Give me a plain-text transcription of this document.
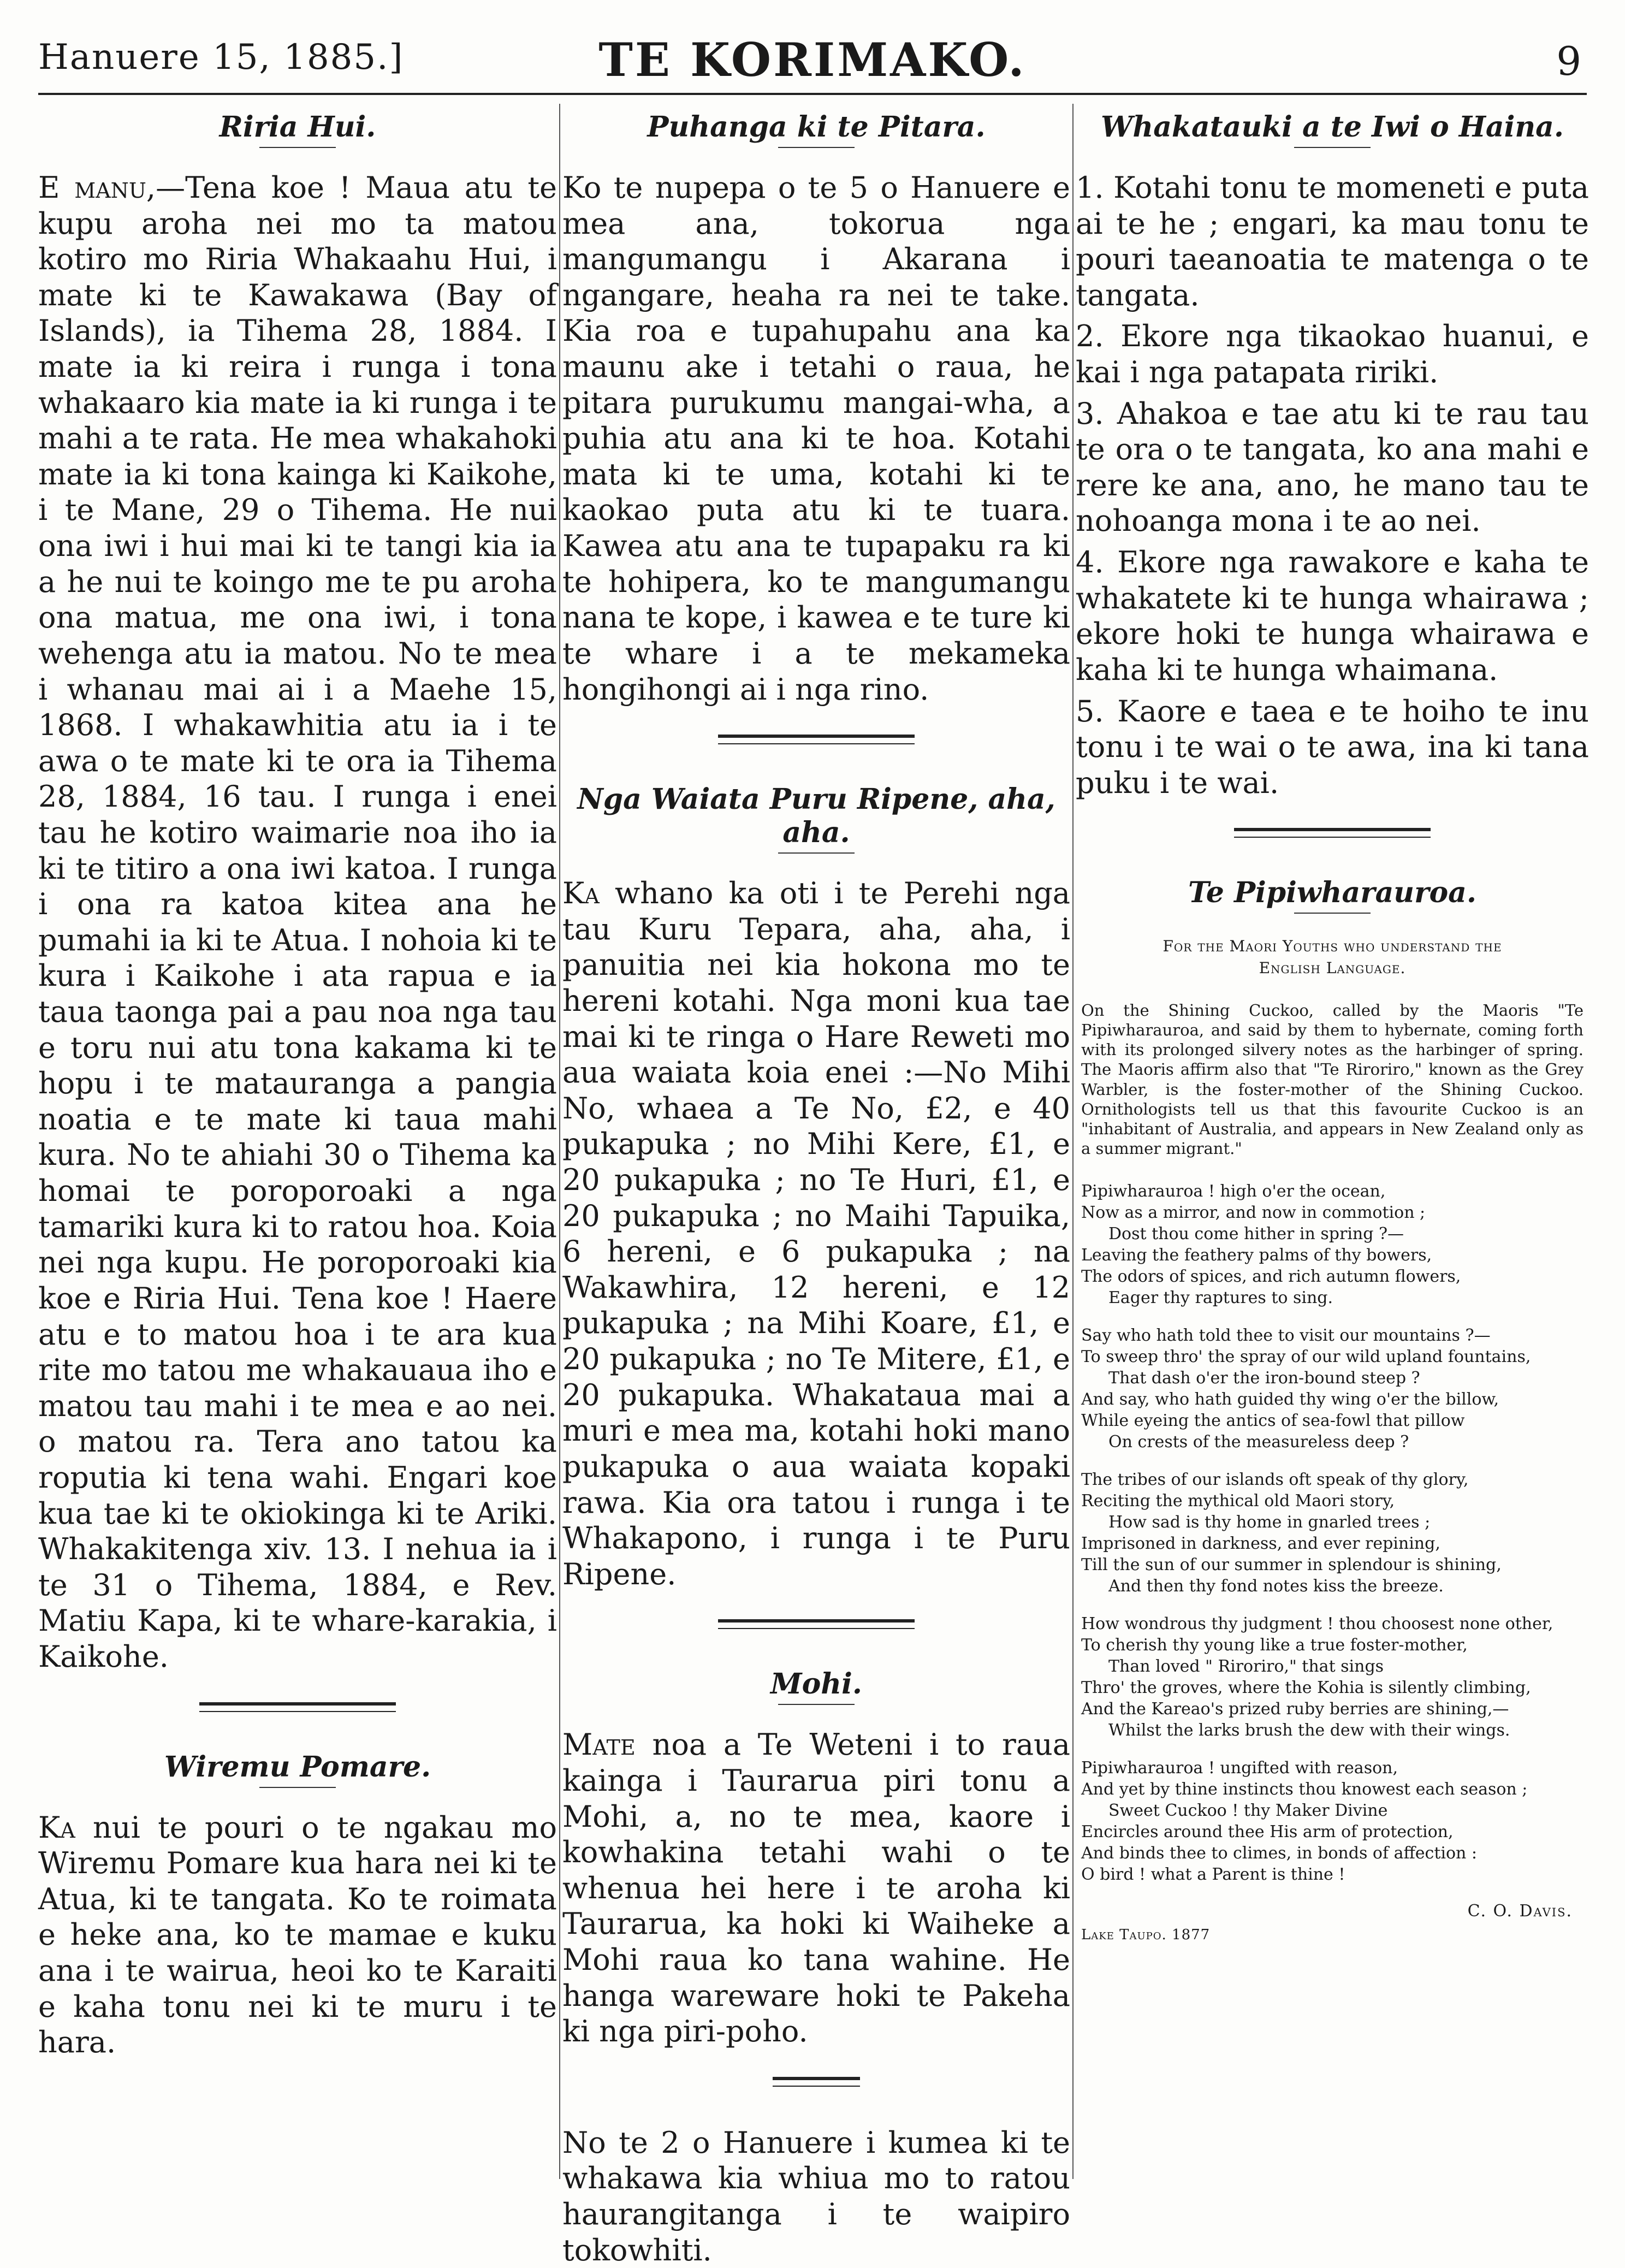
Hanuere 15, 1885.]	TE KORIMAKO.	9
Riria Hui.

E manu,—Tena koe ! Maua atu te kupu aroha nei mo ta matou kotiro mo Riria Whakaahu Hui, i mate ki te Kawakawa (Bay of Islands), ia Tihema 28, 1884. I mate ia ki reira i runga i tona whakaaro kia mate ia ki runga i te mahi a te rata. He mea whakahoki mate ia ki tona kainga ki Kaikohe, i te Mane, 29 o Tihema. He nui ona iwi i hui mai ki te tangi kia ia a he nui te koingo me te pu aroha ona matua, me ona iwi, i tona wehenga atu ia matou. No te mea i whanau mai ai i a Maehe 15, 1868. I whakawhitia atu ia i te awa o te mate ki te ora ia Tihema 28, 1884, 16 tau. I runga i enei tau he kotiro waimarie noa iho ia ki te titiro a ona iwi katoa. I runga i ona ra katoa kitea ana he pumahi ia ki te Atua. I nohoia ki te kura i Kaikohe i ata rapua e ia taua taonga pai a pau noa nga tau e toru nui atu tona kakama ki te hopu i te matauranga a pangia noatia e te mate ki taua mahi kura. No te ahiahi 30 o Tihema ka homai te poroporoaki a nga tamariki kura ki to ratou hoa. Koia nei nga kupu. He poroporoaki kia koe e Riria Hui. Tena koe ! Haere atu e to matou hoa i te ara kua rite mo tatou me whakauaua iho e matou tau mahi i te mea e ao nei. o matou ra. Tera ano tatou ka roputia ki tena wahi. Engari koe kua tae ki te okiokinga ki te Ariki. Whakakitenga xiv. 13. I nehua ia i te 31 o Tihema, 1884, e Rev. Matiu Kapa, ki te whare-karakia, i Kaikohe.

Wiremu Pomare.

Ka nui te pouri o te ngakau mo Wiremu Pomare kua hara nei ki te Atua, ki te tangata. Ko te roimata e heke ana, ko te mamae e kuku ana i te wairua, heoi ko te Karaiti e kaha tonu nei ki te muru i te hara.

Puhanga ki te Pitara.

Ko te nupepa o te 5 o Hanuere e mea ana, tokorua nga mangumangu i Akarana i ngangare, heaha ra nei te take. Kia roa e tupahupahu ana ka maunu ake i tetahi o raua, he pitara purukumu mangai-wha, a puhia atu ana ki te hoa. Kotahi mata ki te uma, kotahi ki te kaokao puta atu ki te tuara. Kawea atu ana te tupapaku ra ki te hohipera, ko te mangumangu nana te kope, i kawea e te ture ki te whare i a te mekameka hongihongi ai i nga rino.

Nga Waiata Puru Ripene, aha, aha.

Ka whano ka oti i te Perehi nga tau Kuru Tepara, aha, aha, i panuitia nei kia hokona mo te hereni kotahi. Nga moni kua tae mai ki te ringa o Hare Reweti mo aua waiata koia enei :—No Mihi No, whaea a Te No, £2, e 40 pukapuka ; no Mihi Kere, £1, e 20 pukapuka ; no Te Huri, £1, e 20 pukapuka ; no Maihi Tapuika, 6 hereni, e 6 pukapuka ; na Wakawhira, 12 hereni, e 12 pukapuka ; na Mihi Koare, £1, e 20 pukapuka ; no Te Mitere, £1, e 20 pukapuka. Whakataua mai a muri e mea ma, kotahi hoki mano pukapuka o aua waiata kopaki rawa. Kia ora tatou i runga i te Whakapono, i runga i te Puru Ripene.

Mohi.

Mate noa a Te Weteni i to raua kainga i Taurarua piri tonu a Mohi, a, no te mea, kaore i kowhakina tetahi wahi o te whenua hei here i te aroha ki Taurarua, ka hoki ki Waiheke a Mohi raua ko tana wahine. He hanga wareware hoki te Pakeha ki nga piri-poho.

No te 2 o Hanuere i kumea ki te whakawa kia whiua mo to ratou haurangitanga i te waipiro tokowhiti.

Whakatauki a te Iwi o Haina.

1. Kotahi tonu te momeneti e puta ai te he ; engari, ka mau tonu te pouri taeanoatia te matenga o te tangata.

2. Ekore nga tikaokao huanui, e kai i nga patapata ririki.

3. Ahakoa e tae atu ki te rau tau te ora o te tangata, ko ana mahi e rere ke ana, ano, he mano tau te nohoanga mona i te ao nei.

4. Ekore nga rawakore e kaha te whakatete ki te hunga whairawa ; ekore hoki te hunga whairawa e kaha ki te hunga whaimana.

5. Kaore e taea e te hoiho te inu tonu i te wai o te awa, ina ki tana puku i te wai.

Te Pipiwharauroa.
For the Maori Youths who understand the
English Language.

On the Shining Cuckoo, called by the Maoris "Te Pipiwharauroa, and said by them to hybernate, coming forth with its prolonged silvery notes as the harbinger of spring. The Maoris affirm also that "Te Riroriro," known as the Grey Warbler, is the foster-mother of the Shining Cuckoo. Ornithologists tell us that this favourite Cuckoo is an "inhabitant of Australia, and appears in New Zealand only as a summer migrant."

Pipiwharauroa ! high o'er the ocean,
Now as a mirror, and now in commotion ;
Dost thou come hither in spring ?—
Leaving the feathery palms of thy bowers,
The odors of spices, and rich autumn flowers,
Eager thy raptures to sing.
Say who hath told thee to visit our mountains ?—
To sweep thro' the spray of our wild upland fountains,
That dash o'er the iron-bound steep ?
And say, who hath guided thy wing o'er the billow,
While eyeing the antics of sea-fowl that pillow
On crests of the measureless deep ?
The tribes of our islands oft speak of thy glory,
Reciting the mythical old Maori story,
How sad is thy home in gnarled trees ;
Imprisoned in darkness, and ever repining,
Till the sun of our summer in splendour is shining,
And then thy fond notes kiss the breeze.
How wondrous thy judgment ! thou choosest none other,
To cherish thy young like a true foster-mother,
Than loved " Riroriro," that sings
Thro' the groves, where the Kohia is silently climbing,
And the Kareao's prized ruby berries are shining,—
Whilst the larks brush the dew with their wings.
Pipiwharauroa ! ungifted with reason,
And yet by thine instincts thou knowest each season ;
Sweet Cuckoo ! thy Maker Divine
Encircles around thee His arm of protection,
And binds thee to climes, in bonds of affection :
O bird ! what a Parent is thine !
C. O. Davis.
Lake Taupo. 1877
